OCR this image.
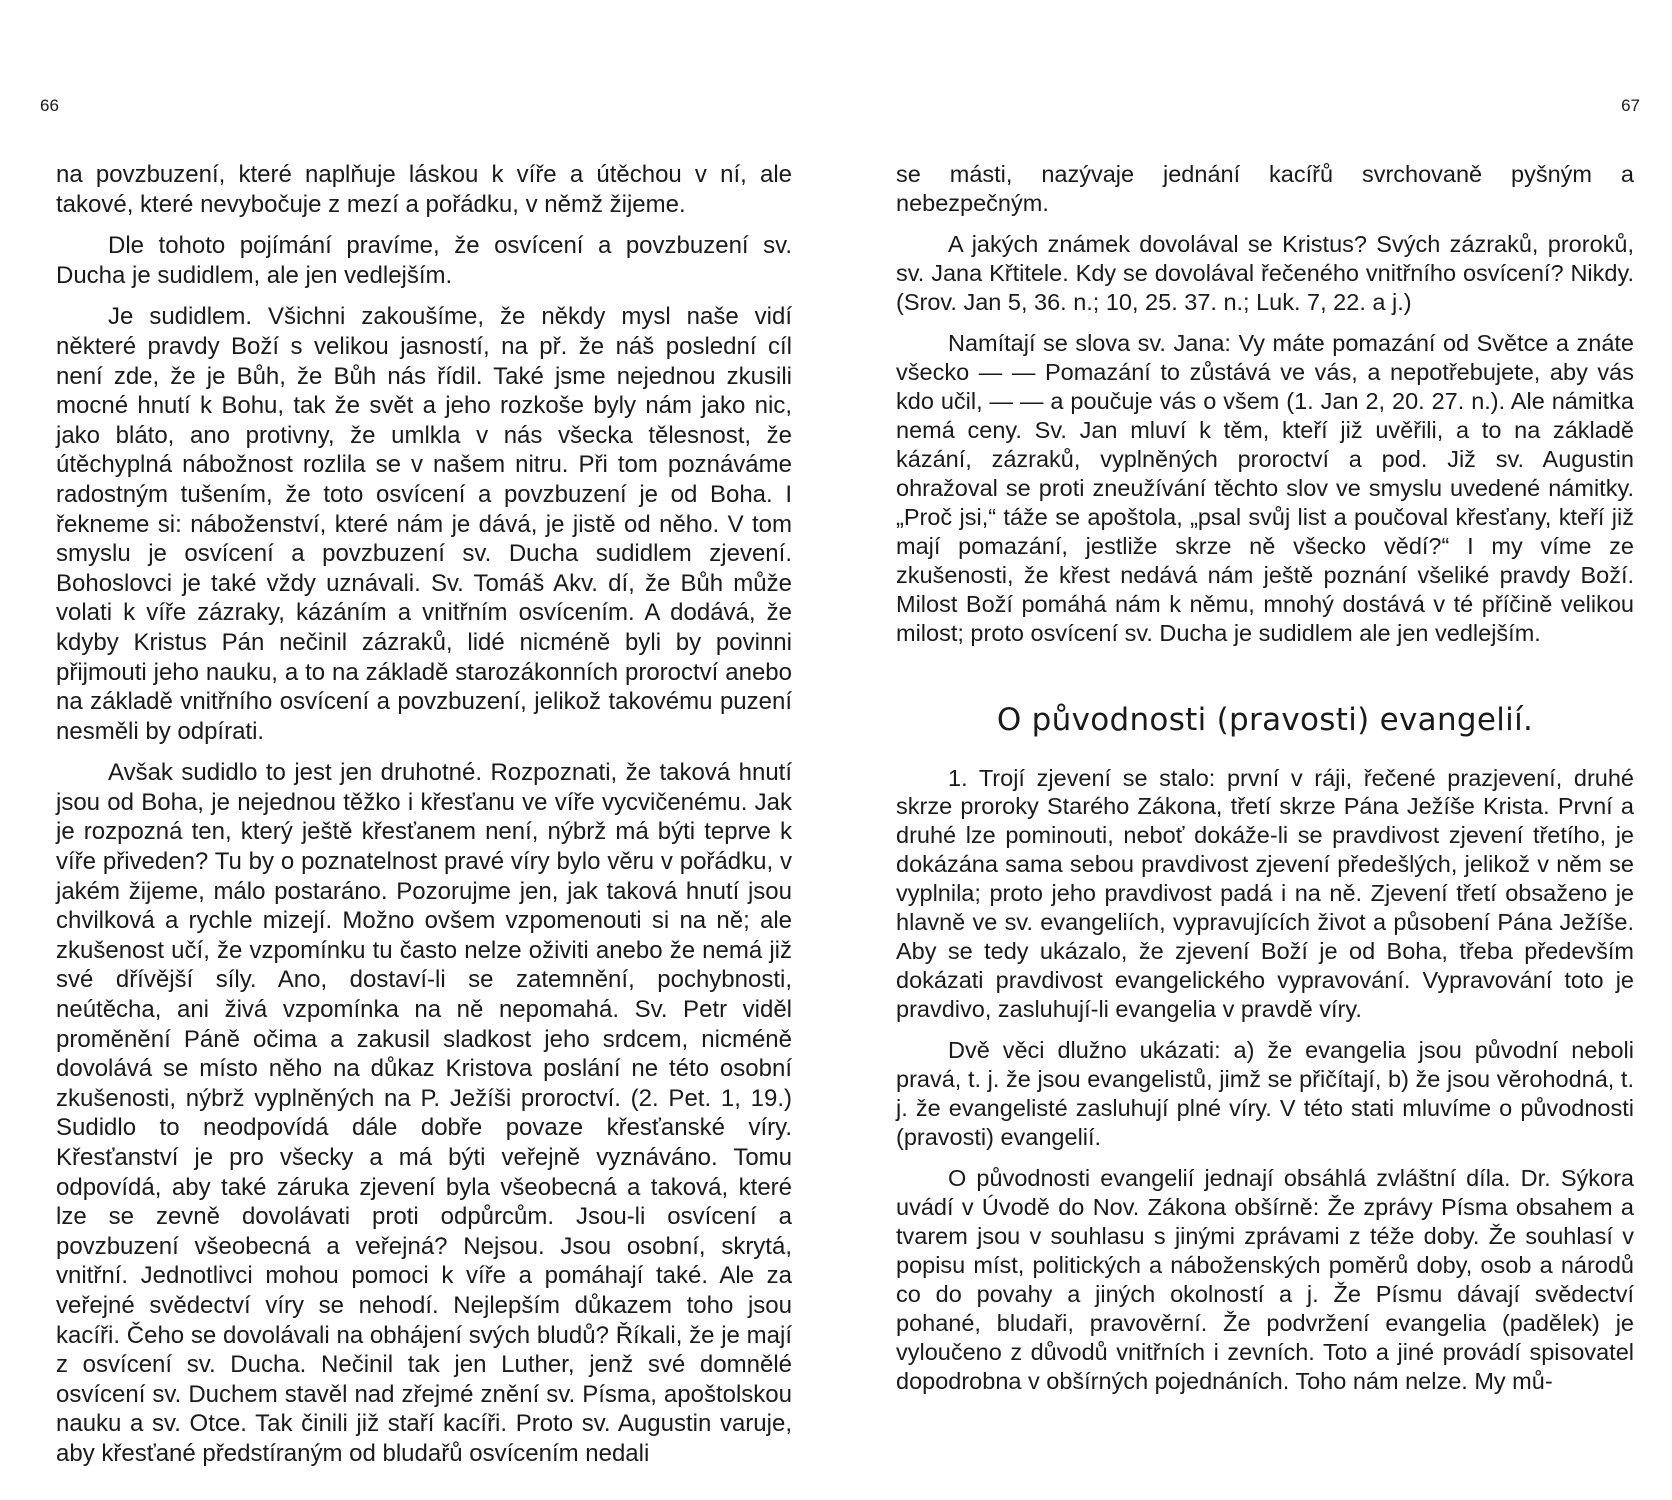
66

na povzbuzení, které naplňuje láskou k víře a útěchou v ní, ale takové, které nevybočuje z mezí a pořádku, v němž žijeme.

Dle tohoto pojímání pravíme, že osvícení a povzbuzení sv. Ducha je sudidlem, ale jen vedlejším.

Je sudidlem. Všichni zakoušíme, že někdy mysl naše vidí některé pravdy Boží s velikou jasností, na př. že náš poslední cíl není zde, že je Bůh, že Bůh nás řídil. Také jsme nejednou zkusili mocné hnutí k Bohu, tak že svět a jeho rozkoše byly nám jako nic, jako bláto, ano protivny, že umlkla v nás všecka tělesnost, že útěchyplná nábožnost rozlila se v našem nitru. Při tom poznáváme radostným tušením, že toto osvícení a povzbuzení je od Boha. I řekneme si: náboženství, které nám je dává, je jistě od něho. V tom smyslu je osvícení a povzbuzení sv. Ducha sudidlem zjevení. Bohoslovci je také vždy uznávali. Sv. Tomáš Akv. dí, že Bůh může volati k víře zázraky, kázáním a vnitřním osvícením. A dodává, že kdyby Kristus Pán nečinil zázraků, lidé nicméně byli by povinni přijmouti jeho nauku, a to na základě starozákonních proroctví anebo na základě vnitřního osvícení a povzbuzení, jelikož takovému puzení nesměli by odpírati.

Avšak sudidlo to jest jen druhotné. Rozpoznati, že taková hnutí jsou od Boha, je nejednou těžko i křesťanu ve víře vycvičenému. Jak je rozpozná ten, který ještě křesťanem není, nýbrž má býti teprve k víře přiveden? Tu by o poznatelnost pravé víry bylo věru v pořádku, v jakém žijeme, málo postaráno. Pozorujme jen, jak taková hnutí jsou chvilková a rychle mizejí. Možno ovšem vzpomenouti si na ně; ale zkušenost učí, že vzpomínku tu často nelze oživiti anebo že nemá již své dřívější síly. Ano, dostaví-li se zatemnění, pochybnosti, neútěcha, ani živá vzpomínka na ně nepomahá. Sv. Petr viděl proměnění Páně očima a zakusil sladkost jeho srdcem, nicméně dovolává se místo něho na důkaz Kristova poslání ne této osobní zkušenosti, nýbrž vyplněných na P. Ježíši proroctví. (2. Pet. 1, 19.) Sudidlo to neodpovídá dále dobře povaze křesťanské víry. Křesťanství je pro všecky a má býti veřejně vyznáváno. Tomu odpovídá, aby také záruka zjevení byla všeobecná a taková, které lze se zevně dovolávati proti odpůrcům. Jsou-li osvícení a povzbuzení všeobecná a veřejná? Nejsou. Jsou osobní, skrytá, vnitřní. Jednotlivci mohou pomoci k víře a pomáhají také. Ale za veřejné svědectví víry se nehodí. Nejlepším důkazem toho jsou kacíři. Čeho se dovolávali na obhájení svých bludů? Říkali, že je mají z osvícení sv. Ducha. Nečinil tak jen Luther, jenž své domnělé osvícení sv. Duchem stavěl nad zřejmé znění sv. Písma, apoštolskou nauku a sv. Otce. Tak činili již staří kacíři. Proto sv. Augustin varuje, aby křesťané předstíraným od bludařů osvícením nedali

67

se másti, nazývaje jednání kacířů svrchovaně pyšným a nebezpečným.

A jakých známek dovolával se Kristus? Svých zázraků, proroků, sv. Jana Křtitele. Kdy se dovolával řečeného vnitřního osvícení? Nikdy. (Srov. Jan 5, 36. n.; 10, 25. 37. n.; Luk. 7, 22. a j.)

Namítají se slova sv. Jana: Vy máte pomazání od Světce a znáte všecko — — Pomazání to zůstává ve vás, a nepotřebujete, aby vás kdo učil, — — a poučuje vás o všem (1. Jan 2, 20. 27. n.). Ale námitka nemá ceny. Sv. Jan mluví k těm, kteří již uvěřili, a to na základě kázání, zázraků, vyplněných proroctví a pod. Již sv. Augustin ohražoval se proti zneužívání těchto slov ve smyslu uvedené námitky. „Proč jsi,“ táže se apoštola, „psal svůj list a poučoval křesťany, kteří již mají pomazání, jestliže skrze ně všecko vědí?“ I my víme ze zkušenosti, že křest nedává nám ještě poznání všeliké pravdy Boží. Milost Boží pomáhá nám k němu, mnohý dostává v té příčině velikou milost; proto osvícení sv. Ducha je sudidlem ale jen vedlejším.

O původnosti (pravosti) evangelií.

1. Trojí zjevení se stalo: první v ráji, řečené prazjevení, druhé skrze proroky Starého Zákona, třetí skrze Pána Ježíše Krista. První a druhé lze pominouti, neboť dokáže-li se pravdivost zjevení třetího, je dokázána sama sebou pravdivost zjevení předešlých, jelikož v něm se vyplnila; proto jeho pravdivost padá i na ně. Zjevení třetí obsaženo je hlavně ve sv. evangeliích, vypravujících život a působení Pána Ježíše. Aby se tedy ukázalo, že zjevení Boží je od Boha, třeba především dokázati pravdivost evangelického vypravování. Vypravování toto je pravdivo, zasluhují-li evangelia v pravdě víry.

Dvě věci dlužno ukázati: a) že evangelia jsou původní neboli pravá, t. j. že jsou evangelistů, jimž se přičítají, b) že jsou věrohodná, t. j. že evangelisté zasluhují plné víry. V této stati mluvíme o původnosti (pravosti) evangelií.

O původnosti evangelií jednají obsáhlá zvláštní díla. Dr. Sýkora uvádí v Úvodě do Nov. Zákona obšírně: Že zprávy Písma obsahem a tvarem jsou v souhlasu s jinými zprávami z téže doby. Že souhlasí v popisu míst, politických a náboženských poměrů doby, osob a národů co do povahy a jiných okolností a j. Že Písmu dávají svědectví pohané, bludaři, pravověrní. Že podvržení evangelia (padělek) je vyloučeno z důvodů vnitřních i zevních. Toto a jiné provádí spisovatel dopodrobna v obšírných pojednáních. Toho nám nelze. My mů-
